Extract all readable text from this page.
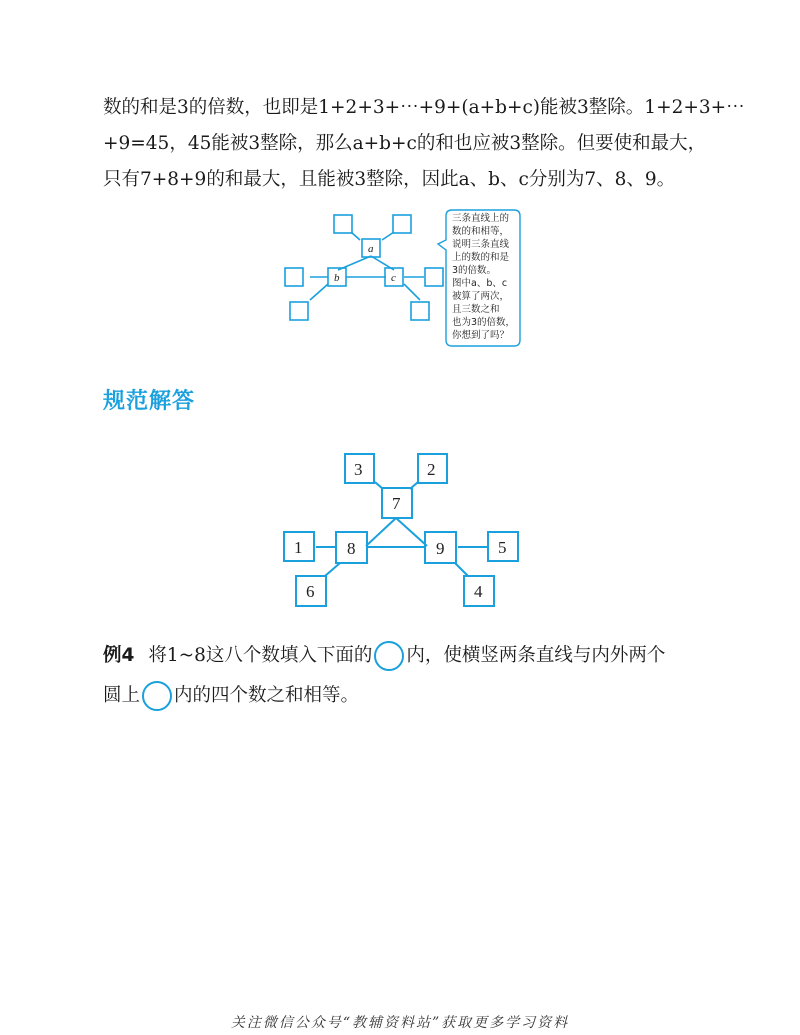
数的和是3的倍数，也即是1+2+3+⋯+9+(a+b+c)能被3整除。1+2+3+⋯
+9=45，45能被3整除，那么a+b+c的和也应被3整除。但要使和最大，
只有7+8+9的和最大，且能被3整除，因此a、b、c分别为7、8、9。
a
b	c
三条直线上的
数的和相等，
说明三条直线
上的数的和是
3的倍数。
图中a、b、c
被算了两次，
且三数之和
也为3的倍数，
你想到了吗？
3	2
7
1	8	9	5
6	4
规范解答
例4 将1~8这八个数填入下面的 内，使横竖两条直线与内外两个
圆上 内的四个数之和相等。
关注微信公众号“教辅资料站”获取更多学习资料
